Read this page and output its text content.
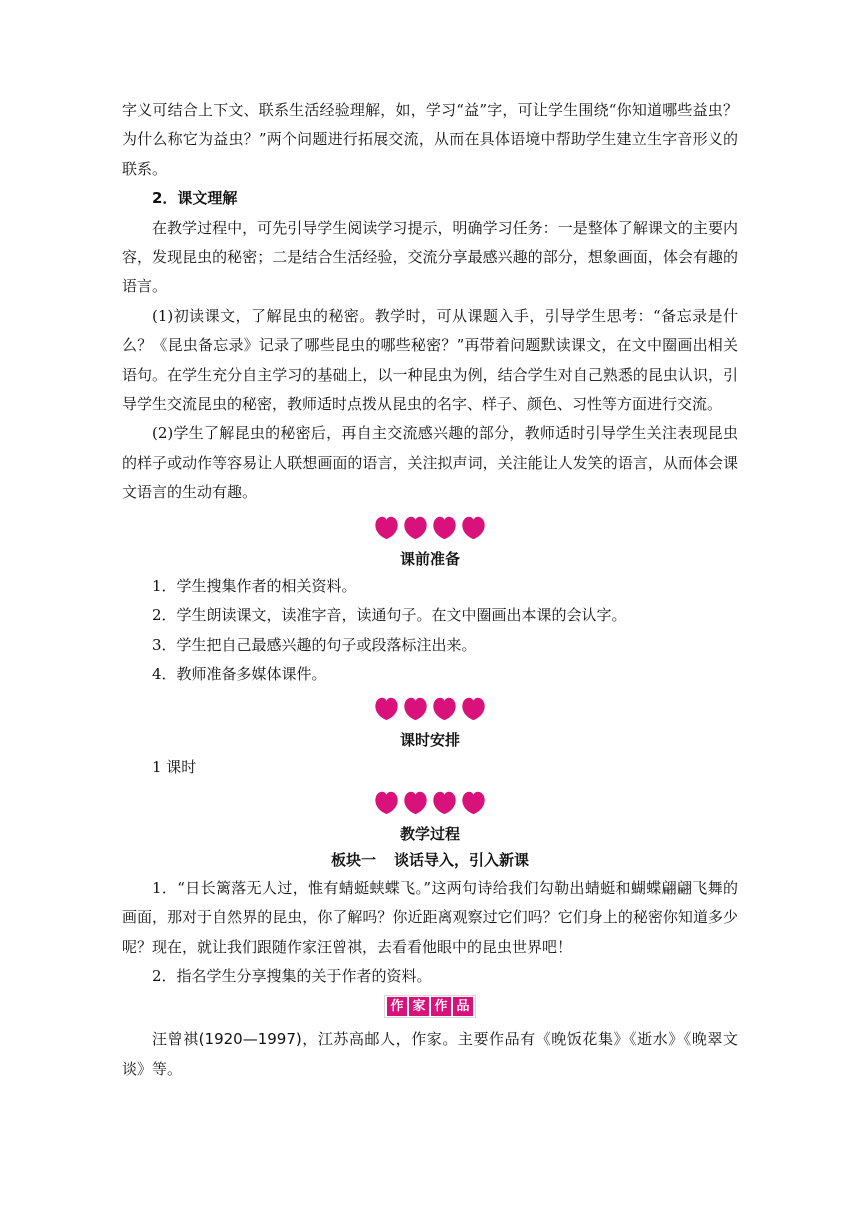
字义可结合上下文、联系生活经验理解，如，学习“益”字，可让学生围绕“你知道哪些益虫？为什么称它为益虫？”两个问题进行拓展交流，从而在具体语境中帮助学生建立生字音形义的联系。

2．课文理解

在教学过程中，可先引导学生阅读学习提示，明确学习任务：一是整体了解课文的主要内容，发现昆虫的秘密；二是结合生活经验，交流分享最感兴趣的部分，想象画面，体会有趣的语言。

(1)初读课文，了解昆虫的秘密。教学时，可从课题入手，引导学生思考：“备忘录是什么？《昆虫备忘录》记录了哪些昆虫的哪些秘密？”再带着问题默读课文，在文中圈画出相关语句。在学生充分自主学习的基础上，以一种昆虫为例，结合学生对自己熟悉的昆虫认识，引导学生交流昆虫的秘密，教师适时点拨从昆虫的名字、样子、颜色、习性等方面进行交流。

(2)学生了解昆虫的秘密后，再自主交流感兴趣的部分，教师适时引导学生关注表现昆虫的样子或动作等容易让人联想画面的语言，关注拟声词，关注能让人发笑的语言，从而体会课文语言的生动有趣。

课前准备

1．学生搜集作者的相关资料。

2．学生朗读课文，读准字音，读通句子。在文中圈画出本课的会认字。

3．学生把自己最感兴趣的句子或段落标注出来。

4．教师准备多媒体课件。

课时安排

1 课时

教学过程
板块一 谈话导入，引入新课

1．“日长篱落无人过，惟有蜻蜓蛱蝶飞。”这两句诗给我们勾勒出蜻蜓和蝴蝶翩翩飞舞的画面，那对于自然界的昆虫，你了解吗？你近距离观察过它们吗？它们身上的秘密你知道多少呢？现在，就让我们跟随作家汪曾祺，去看看他眼中的昆虫世界吧！

2．指名学生分享搜集的关于作者的资料。

作 家 作 品

汪曾祺(1920—1997)，江苏高邮人，作家。主要作品有《晚饭花集》《逝水》《晚翠文谈》等。
